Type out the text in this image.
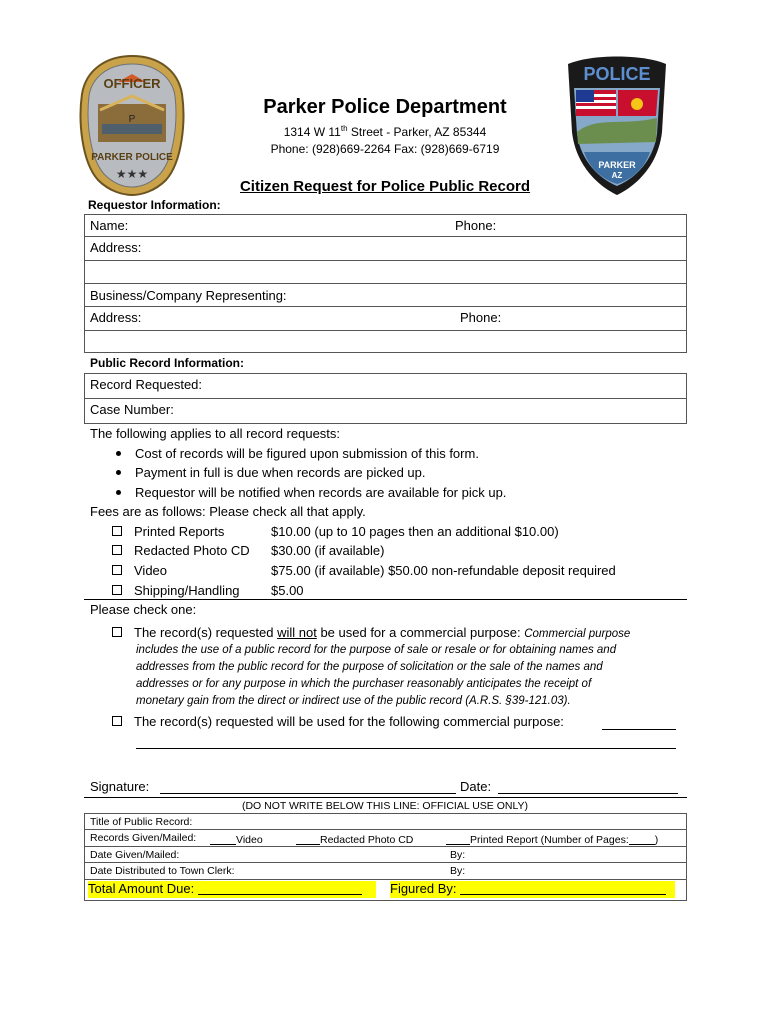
OFFICER
P
PARKER POLICE
★★★
POLICE
PARKER
AZ
Parker Police Department
1314 W 11th Street - Parker, AZ 85344
Phone: (928)669-2264 Fax: (928)669-6719
Citizen Request for Police Public Record
Requestor Information:
Name:	Phone:
Address:
Business/Company Representing:
Address:	Phone:
Public Record Information:
Record Requested:
Case Number:
The following applies to all record requests:
Cost of records will be figured upon submission of this form.
Payment in full is due when records are picked up.
Requestor will be notified when records are available for pick up.
Fees are as follows: Please check all that apply.
Printed Reports	$10.00 (up to 10 pages then an additional $10.00)
Redacted Photo CD $30.00 (if available)
Video	$75.00 (if available) $50.00 non-refundable deposit required
Shipping/Handling $5.00
Please check one:
The record(s) requested will not be used for a commercial purpose: Commercial purpose
includes the use of a public record for the purpose of sale or resale or for obtaining names and
addresses from the public record for the purpose of solicitation or the sale of the names and
addresses or for any purpose in which the purchaser reasonably anticipates the receipt of
monetary gain from the direct or indirect use of the public record (A.R.S. §39-121.03).
The record(s) requested will be used for the following commercial purpose:
Signature:	Date:
(DO NOT WRITE BELOW THIS LINE: OFFICIAL USE ONLY)
Title of Public Record:
Records Given/Mailed:	Video	Redacted Photo CD	Printed Report (Number of Pages: )
Date Given/Mailed:	By:
Date Distributed to Town Clerk:	By:
Total Amount Due:	Figured By:
